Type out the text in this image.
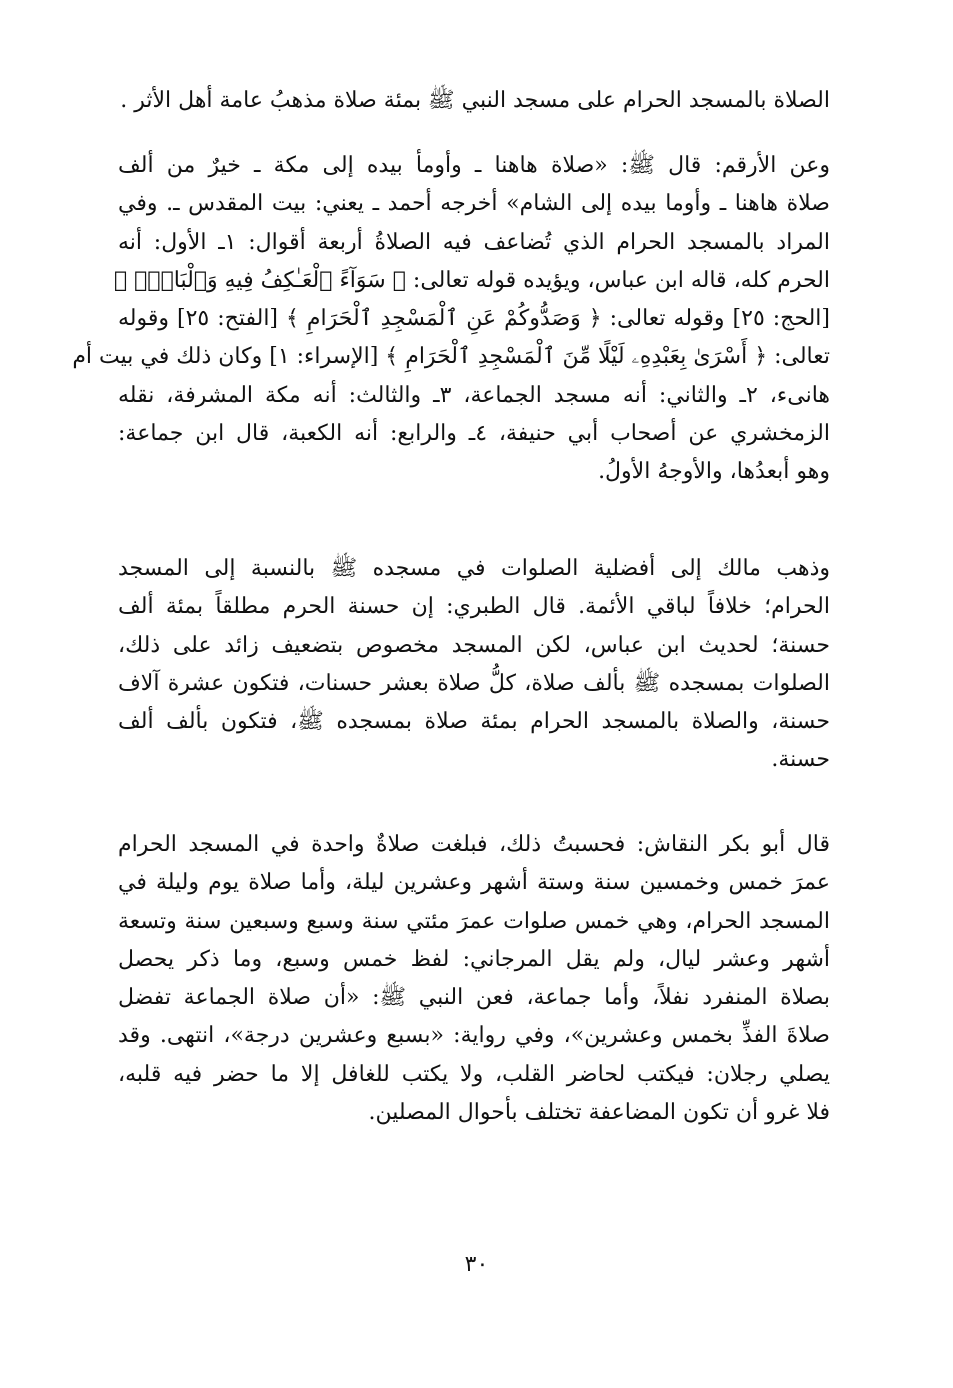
الصلاة بالمسجد الحرام على مسجد النبي ﷺ بمئة صلاة مذهبُ عامة أهل الأثر .
وعن الأرقم: قال ﷺ: «صلاة هاهنا ـ وأومأ بيده إلى مكة ـ خيرٌ من ألف
صلاة هاهنا ـ وأوما بيده إلى الشام» أخرجه أحمد ـ يعني: بيت المقدس ـ. وفي
المراد بالمسجد الحرام الذي تُضاعف فيه الصلاةُ أربعة أقوال: ١ـ الأول: أنه
الحرم كله، قاله ابن عباس، ويؤيده قوله تعالى: ﴿ سَوَآءً ٱلْعَـٰكِفُ فِيهِ وَٱلْبَادِۚ ﴾
[الحج: ٢٥] وقوله تعالى: ﴿ وَصَدُّوكُمْ عَنِ ٱلْمَسْجِدِ ٱلْحَرَامِ ﴾ [الفتح: ٢٥] وقوله
تعالى: ﴿ أَسْرَىٰ بِعَبْدِهِۦ لَيْلًا مِّنَ ٱلْمَسْجِدِ ٱلْحَرَامِ ﴾ [الإسراء: ١] وكان ذلك في بيت أم
هانىء، ٢ـ والثاني: أنه مسجد الجماعة، ٣ـ والثالث: أنه مكة المشرفة، نقله
الزمخشري عن أصحاب أبي حنيفة، ٤ـ والرابع: أنه الكعبة، قال ابن جماعة:
وهو أبعدُها، والأوجهُ الأولُ.
وذهب مالك إلى أفضلية الصلوات في مسجده ﷺ بالنسبة إلى المسجد
الحرام؛ خلافاً لباقي الأئمة. قال الطبري: إن حسنة الحرم مطلقاً بمئة ألف
حسنة؛ لحديث ابن عباس، لكن المسجد مخصوص بتضعيف زائد على ذلك،
الصلوات بمسجده ﷺ بألف صلاة، كلُّ صلاة بعشر حسنات، فتكون عشرة آلاف
حسنة، والصلاة بالمسجد الحرام بمئة صلاة بمسجده ﷺ، فتكون بألف ألف
حسنة.
قال أبو بكر النقاش: فحسبتُ ذلك، فبلغت صلاةٌ واحدة في المسجد الحرام
عمرَ خمس وخمسين سنة وستة أشهر وعشرين ليلة، وأما صلاة يوم وليلة في
المسجد الحرام، وهي خمس صلوات عمرَ مئتي سنة وسبع وسبعين سنة وتسعة
أشهر وعشر ليال، ولم يقل المرجاني: لفظ خمس وسبع، وما ذكر يحصل
بصلاة المنفرد نفلاً، وأما جماعة، فعن النبي ﷺ: «أن صلاة الجماعة تفضل
صلاةَ الفذِّ بخمس وعشرين»، وفي رواية: «بسبع وعشرين درجة»، انتهى. وقد
يصلي رجلان: فيكتب لحاضر القلب، ولا يكتب للغافل إلا ما حضر فيه قلبه،
فلا غرو أن تكون المضاعفة تختلف بأحوال المصلين.
٣٠
